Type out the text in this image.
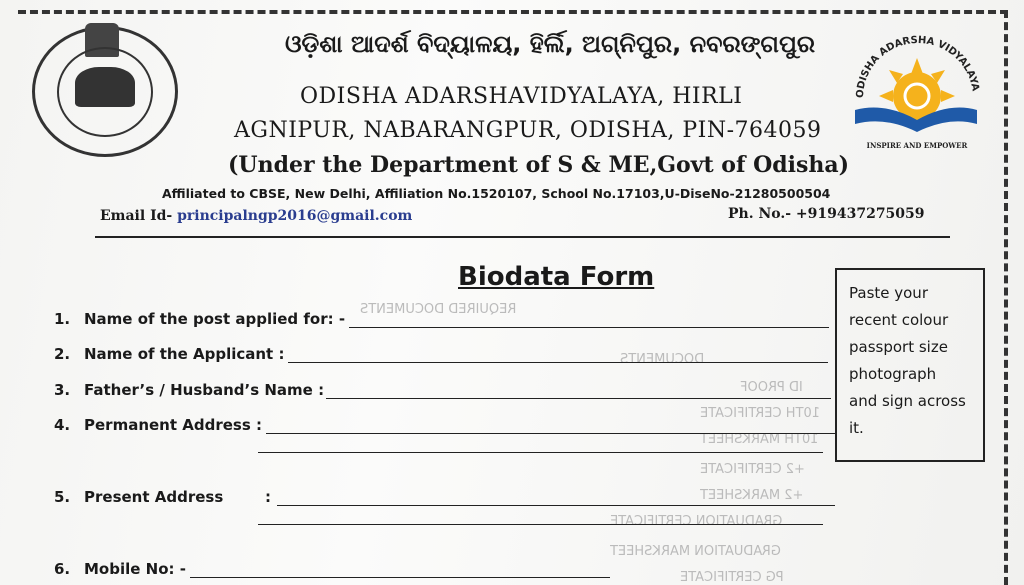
REQUIRED DOCUMENTS
DOCUMENTS
ID PROOF
10TH CERTIFICATE
10TH MARKSHEET
+2 CERTIFICATE
+2 MARKSHEET
GRADUATION CERTIFICATE
GRADUATION MARKSHEET
PG CERTIFICATE
ଓଡ଼ିଶା ଆଦର୍ଶ ବିଦ୍ୟାଳୟ, ହିର୍ଲି, ଅଗ୍ନିପୁର, ନବରଙ୍ଗପୁର
ODISHA ADARSHAVIDYALAYA, HIRLI
AGNIPUR, NABARANGPUR, ODISHA, PIN-764059
(Under the Department of S & ME,Govt of Odisha)
Affiliated to CBSE, New Delhi, Affiliation No.1520107, School No.17103,U-DiseNo-21280500504
Email Id- principalngp2016@gmail.com	Ph. No.- +919437275059
ODISHA ADARSHA VIDYALAYA
INSPIRE AND EMPOWER
Biodata Form
Paste your
recent colour
passport size
photograph
and sign across
it.
1. Name of the post applied for: -
2. Name of the Applicant :
3. Father’s / Husband’s Name :
4. Permanent Address :
5. Present Address        :
6. Mobile No: -
